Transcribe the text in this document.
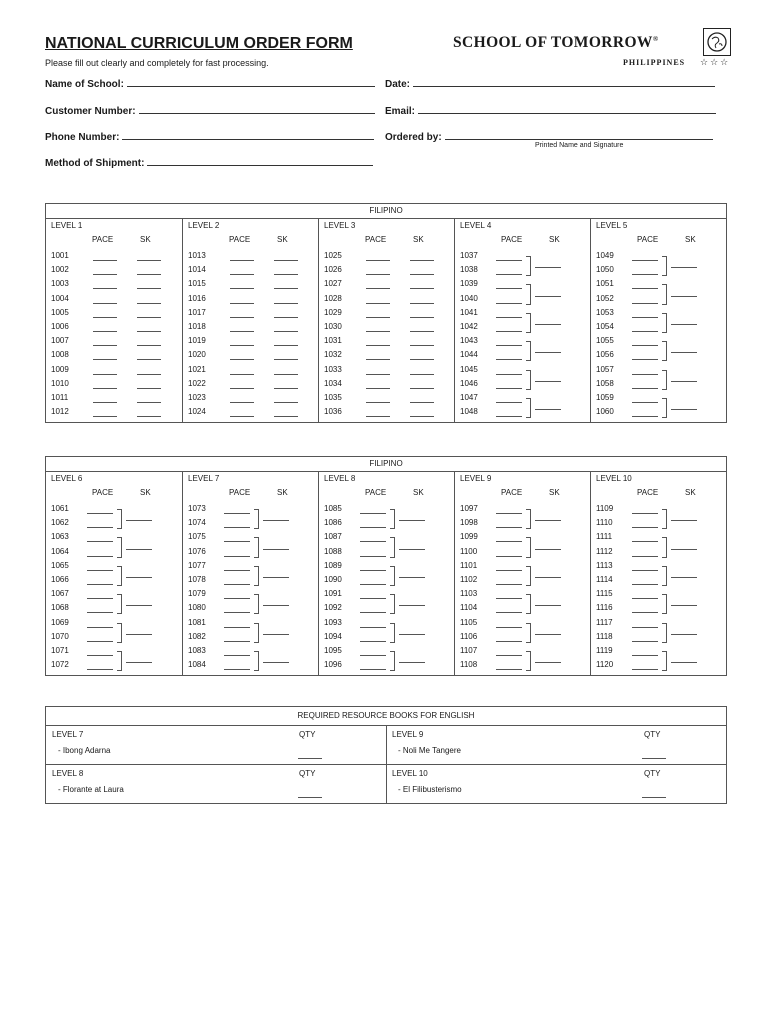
NATIONAL CURRICULUM ORDER FORM
Please fill out clearly and completely for fast processing.
SCHOOL OF TOMORROW®
PHILIPPINES ☆☆☆
Name of School:	Date:
Customer Number:	Email:
Phone Number:	Ordered by:
Printed Name and Signature
Method of Shipment:
FILIPINO
LEVEL 1
PACE	SK
1001
1002
1003
1004
1005
1006
1007
1008
1009
1010
1011
1012
LEVEL 2
PACE	SK
1013
1014
1015
1016
1017
1018
1019
1020
1021
1022
1023
1024
LEVEL 3
PACE	SK
1025
1026
1027
1028
1029
1030
1031
1032
1033
1034
1035
1036
LEVEL 4
PACE	SK
1037
1038
1039
1040
1041
1042
1043
1044
1045
1046
1047
1048
LEVEL 5
PACE	SK
1049
1050
1051
1052
1053
1054
1055
1056
1057
1058
1059
1060
FILIPINO
LEVEL 6
PACE	SK
1061
1062
1063
1064
1065
1066
1067
1068
1069
1070
1071
1072
LEVEL 7
PACE	SK
1073
1074
1075
1076
1077
1078
1079
1080
1081
1082
1083
1084
LEVEL 8
PACE	SK
1085
1086
1087
1088
1089
1090
1091
1092
1093
1094
1095
1096
LEVEL 9
PACE	SK
1097
1098
1099
1100
1101
1102
1103
1104
1105
1106
1107
1108
LEVEL 10
PACE	SK
1109
1110
1111
1112
1113
1114
1115
1116
1117
1118
1119
1120
REQUIRED RESOURCE BOOKS FOR ENGLISH
LEVEL 7	QTY
- Ibong Adarna
LEVEL 9	QTY
- Noli Me Tangere
LEVEL 8	QTY
- Florante at Laura
LEVEL 10	QTY
- El Filibusterismo
